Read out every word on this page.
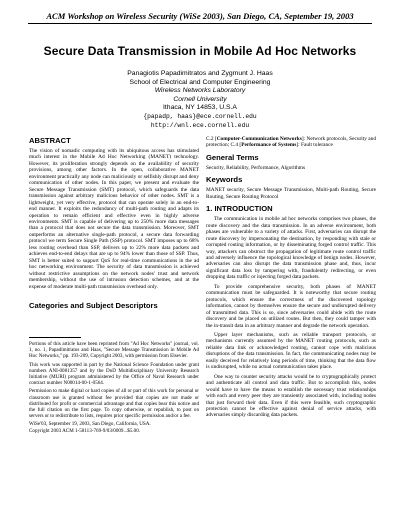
ACM Workshop on Wireless Security (WiSe 2003), San Diego, CA, September 19, 2003
Secure Data Transmission in Mobile Ad Hoc Networks
Panagiotis Papadimitratos and Zygmunt J. Haas
School of Electrical and Computer Engineering
Wireless Networks Laboratory
Cornell University
Ithaca, NY 14853, U.S.A
{papadp, haas}@ece.cornell.edu
http://wnl.ece.cornell.edu
ABSTRACT
The vision of nomadic computing with its ubiquitous access has stimulated much interest in the Mobile Ad Hoc Networking (MANET) technology. However, its proliferation strongly depends on the availability of security provisions, among other factors. In the open, collaborative MANET environment practically any node can maliciously or selfishly disrupt and deny communication of other nodes. In this paper, we present and evaluate the Secure Message Transmission (SMT) protocol, which safeguards the data transmission against arbitrary malicious behavior of other nodes. SMT is a lightweight, yet very effective, protocol that can operate solely in an end-to-end manner. It exploits the redundancy of multi-path routing and adapts its operation to remain efficient and effective even in highly adverse environments. SMT is capable of delivering up to 250% more data messages than a protocol that does not secure the data transmission. Moreover, SMT outperforms an alternative single-path protocol, a secure data forwarding protocol we term Secure Single Path (SSP) protocol. SMT imposes up to 68% less routing overhead than SSP, delivers up to 22% more data packets and achieves end-to-end delays that are up to 94% lower than those of SSP. Thus, SMT is better suited to support QoS for real-time communications in the ad hoc networking environment. The security of data transmission is achieved without restrictive assumptions on the network nodes' trust and network membership, without the use of intrusion detection schemes, and at the expense of moderate multi-path transmission overhead only.
Categories and Subject Descriptors
Portions of this article have been reprinted from "Ad Hoc Networks" journal, vol. 1, no. 1, Papadimitratos and Haas, "Secure Message Transmission in Mobile Ad Hoc Networks," pp. 193-209, Copyright 2003, with permission from Elsevier.
This work was supported in part by the National Science Foundation under grant numbers ANI-0081357 and by the DoD Multidisciplinary University Research Initiative (MURI) program administered by the Office of Naval Research under contract number N00014-00-1-0564.
Permission to make digital or hard copies of all or part of this work for personal or classroom use is granted without fee provided that copies are not made or distributed for profit or commercial advantage and that copies bear this notice and the full citation on the first page. To copy otherwise, or republish, to post on servers or to redistribute to lists, requires prior specific permission and/or a fee.
WiSe'03, September 19, 2003, San Diego, California, USA.
Copyright 2003 ACM 1-58113-769-9/03/0009...$5.00.
C.2 [Computer-Communication Networks]: Network protocols, Security and protection; C.4 [Performance of Systems]: Fault tolerance
General Terms
Security, Reliability, Performance, Algorithms
Keywords
MANET security, Secure Message Transmission, Multi-path Routing, Secure Routing, Secure Routing Protocol
1. INTRODUCTION
The communication in mobile ad hoc networks comprises two phases, the route discovery and the data transmission. In an adverse environment, both phases are vulnerable to a variety of attacks. First, adversaries can disrupt the route discovery by impersonating the destination, by responding with stale or corrupted routing information, or by disseminating forged control traffic. This way, attackers can obstruct the propagation of legitimate route control traffic and adversely influence the topological knowledge of benign nodes. However, adversaries can also disrupt the data transmission phase and, thus, incur significant data loss by tampering with, fraudulently redirecting, or even dropping data traffic or injecting forged data packets.
To provide comprehensive security, both phases of MANET communication must be safeguarded. It is noteworthy that secure routing protocols, which ensure the correctness of the discovered topology information, cannot by themselves ensure the secure and undisrupted delivery of transmitted data. This is so, since adversaries could abide with the route discovery and be placed on utilized routes. But then, they could tamper with the in-transit data in an arbitrary manner and degrade the network operation.
Upper layer mechanisms, such as reliable transport protocols, or mechanisms currently assumed by the MANET routing protocols, such as reliable data link or acknowledged routing, cannot cope with malicious disruptions of the data transmission. In fact, the communicating nodes may be easily deceived for relatively long periods of time, thinking that the data flow is undisrupted, while no actual communication takes place.
One way to counter security attacks would be to cryptographically protect and authenticate all control and data traffic. But to accomplish this, nodes would have to have the means to establish the necessary trust relationships with each and every peer they are transiently associated with, including nodes that just forward their data. Even if this were feasible, such cryptographic protection cannot be effective against denial of service attacks, with adversaries simply discarding data packets.
